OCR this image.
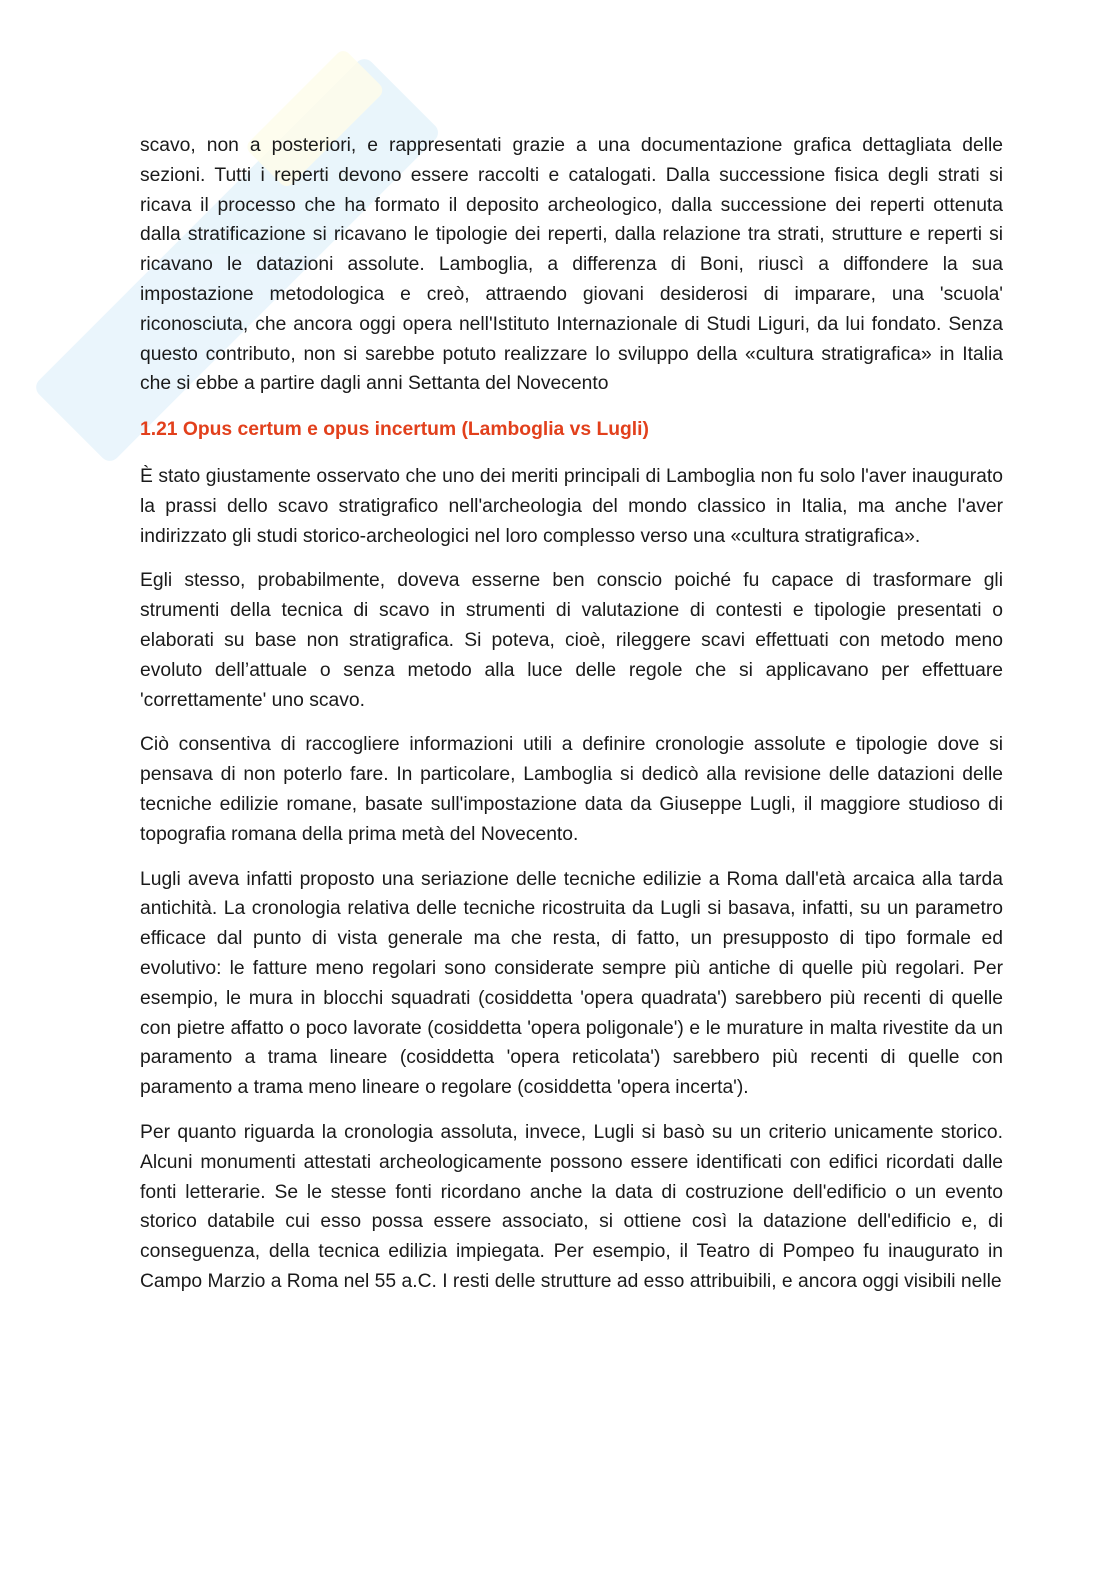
scavo, non a posteriori, e rappresentati grazie a una documentazione grafica dettagliata delle sezioni. Tutti i reperti devono essere raccolti e catalogati. Dalla successione fisica degli strati si ricava il processo che ha formato il deposito archeologico, dalla successione dei reperti ottenuta dalla stratificazione si ricavano le tipologie dei reperti, dalla relazione tra strati, strutture e reperti si ricavano le datazioni assolute. Lamboglia, a differenza di Boni, riuscì a diffondere la sua impostazione metodologica e creò, attraendo giovani desiderosi di imparare, una 'scuola' riconosciuta, che ancora oggi opera nell'Istituto Internazionale di Studi Liguri, da lui fondato. Senza questo contributo, non si sarebbe potuto realizzare lo sviluppo della «cultura stratigrafica» in Italia che si ebbe a partire dagli anni Settanta del Novecento

1.21 Opus certum e opus incertum (Lamboglia vs Lugli)

È stato giustamente osservato che uno dei meriti principali di Lamboglia non fu solo l'aver inaugurato la prassi dello scavo stratigrafico nell'archeologia del mondo classico in Italia, ma anche l'aver indirizzato gli studi storico-archeologici nel loro complesso verso una «cultura stratigrafica».

Egli stesso, probabilmente, doveva esserne ben conscio poiché fu capace di trasformare gli strumenti della tecnica di scavo in strumenti di valutazione di contesti e tipologie presentati o elaborati su base non stratigrafica. Si poteva, cioè, rileggere scavi effettuati con metodo meno evoluto dell’attuale o senza metodo alla luce delle regole che si applicavano per effettuare 'correttamente' uno scavo.

Ciò consentiva di raccogliere informazioni utili a definire cronologie assolute e tipologie dove si pensava di non poterlo fare. In particolare, Lamboglia si dedicò alla revisione delle datazioni delle tecniche edilizie romane, basate sull'impostazione data da Giuseppe Lugli, il maggiore studioso di topografia romana della prima metà del Novecento.

Lugli aveva infatti proposto una seriazione delle tecniche edilizie a Roma dall'età arcaica alla tarda antichità. La cronologia relativa delle tecniche ricostruita da Lugli si basava, infatti, su un parametro efficace dal punto di vista generale ma che resta, di fatto, un presupposto di tipo formale ed evolutivo: le fatture meno regolari sono considerate sempre più antiche di quelle più regolari. Per esempio, le mura in blocchi squadrati (cosiddetta 'opera quadrata') sarebbero più recenti di quelle con pietre affatto o poco lavorate (cosiddetta 'opera poligonale') e le murature in malta rivestite da un paramento a trama lineare (cosiddetta 'opera reticolata') sarebbero più recenti di quelle con paramento a trama meno lineare o regolare (cosiddetta 'opera incerta').

Per quanto riguarda la cronologia assoluta, invece, Lugli si basò su un criterio unicamente storico. Alcuni monumenti attestati archeologicamente possono essere identificati con edifici ricordati dalle fonti letterarie. Se le stesse fonti ricordano anche la data di costruzione dell'edificio o un evento storico databile cui esso possa essere associato, si ottiene così la datazione dell'edificio e, di conseguenza, della tecnica edilizia impiegata. Per esempio, il Teatro di Pompeo fu inaugurato in Campo Marzio a Roma nel 55 a.C. I resti delle strutture ad esso attribuibili, e ancora oggi visibili nelle
